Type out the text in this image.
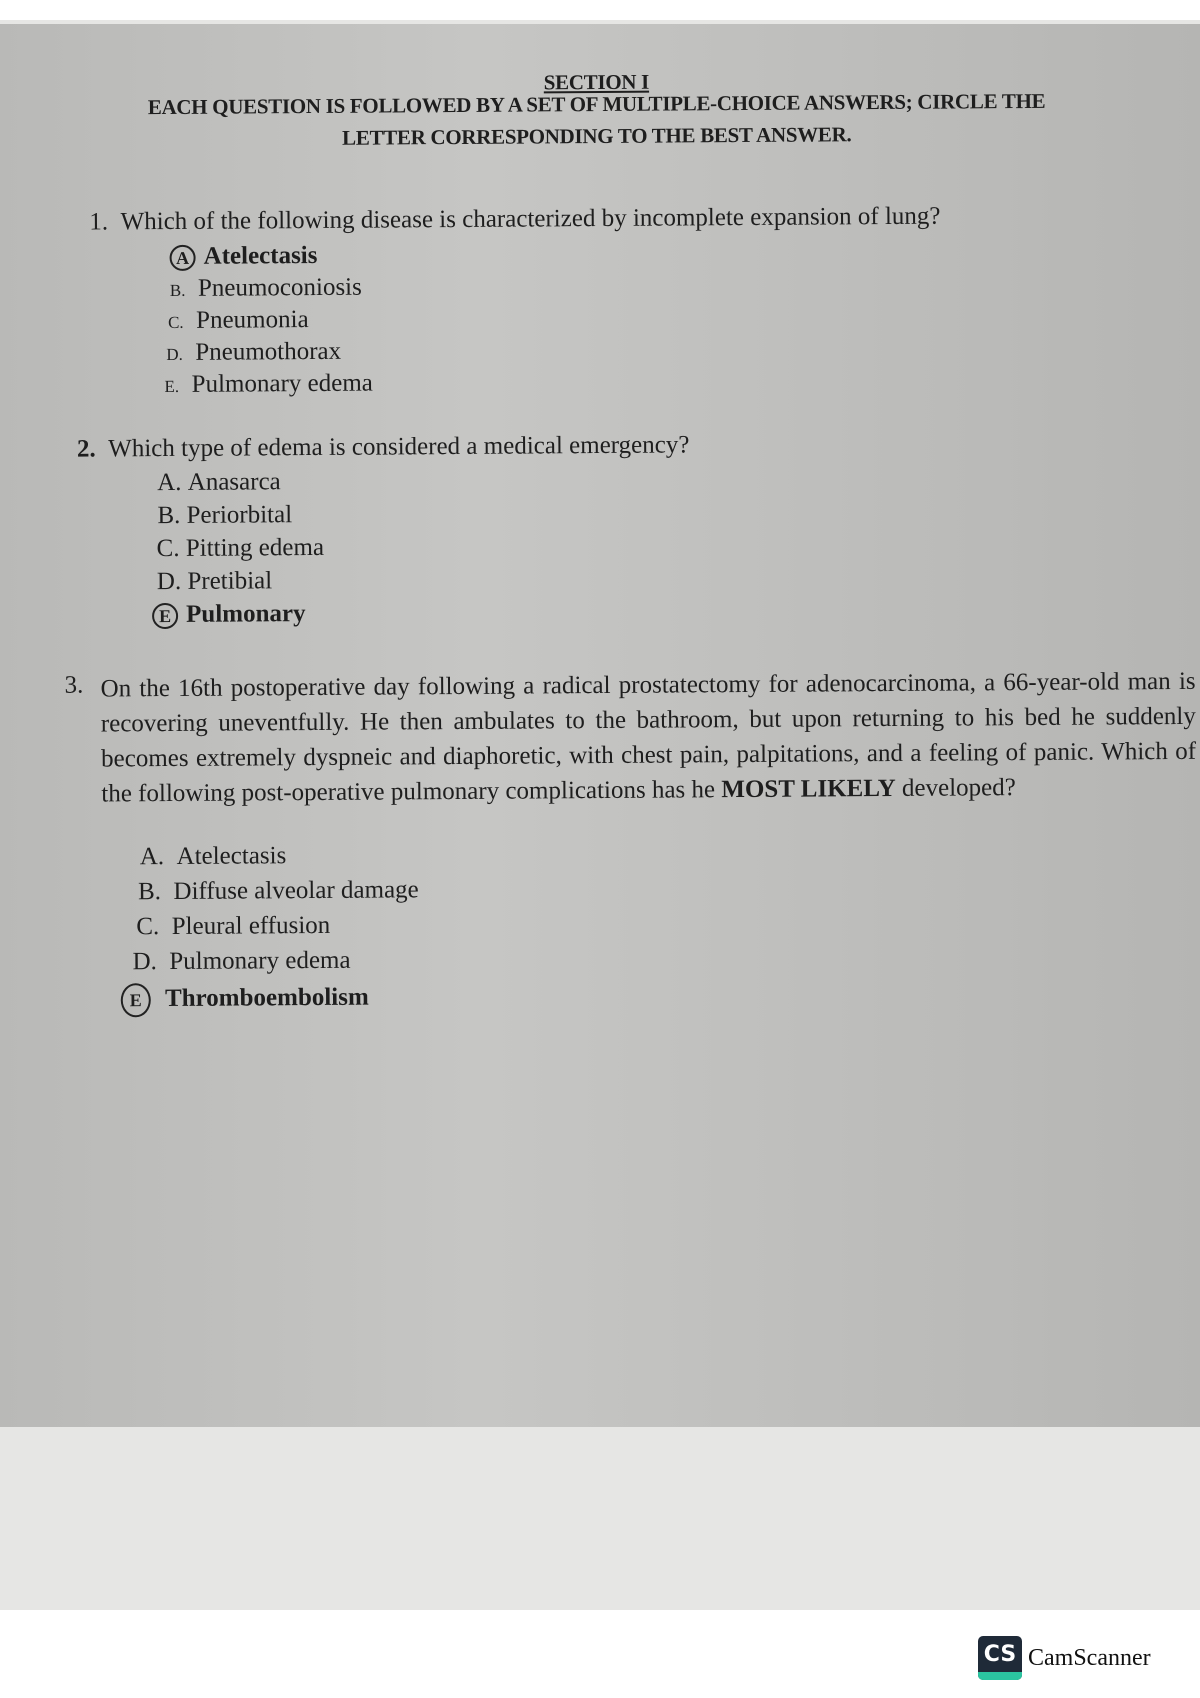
SECTION I
EACH QUESTION IS FOLLOWED BY A SET OF MULTIPLE-CHOICE ANSWERS; CIRCLE THE
LETTER CORRESPONDING TO THE BEST ANSWER.
1. Which of the following disease is characterized by incomplete expansion of lung?
A Atelectasis
B. Pneumoconiosis
C. Pneumonia
D. Pneumothorax
E. Pulmonary edema
2. Which type of edema is considered a medical emergency?
A. Anasarca
B. Periorbital
C. Pitting edema
D. Pretibial
E Pulmonary
3. On the 16th postoperative day following a radical prostatectomy for adenocarcinoma, a 66-year-old man is recovering uneventfully. He then ambulates to the bathroom, but upon returning to his bed he suddenly becomes extremely dyspneic and diaphoretic, with chest pain, palpitations, and a feeling of panic. Which of the following post-operative pulmonary complications has he MOST LIKELY developed?
A. Atelectasis
B. Diffuse alveolar damage
C. Pleural effusion
D. Pulmonary edema
E Thromboembolism
CS CamScanner
